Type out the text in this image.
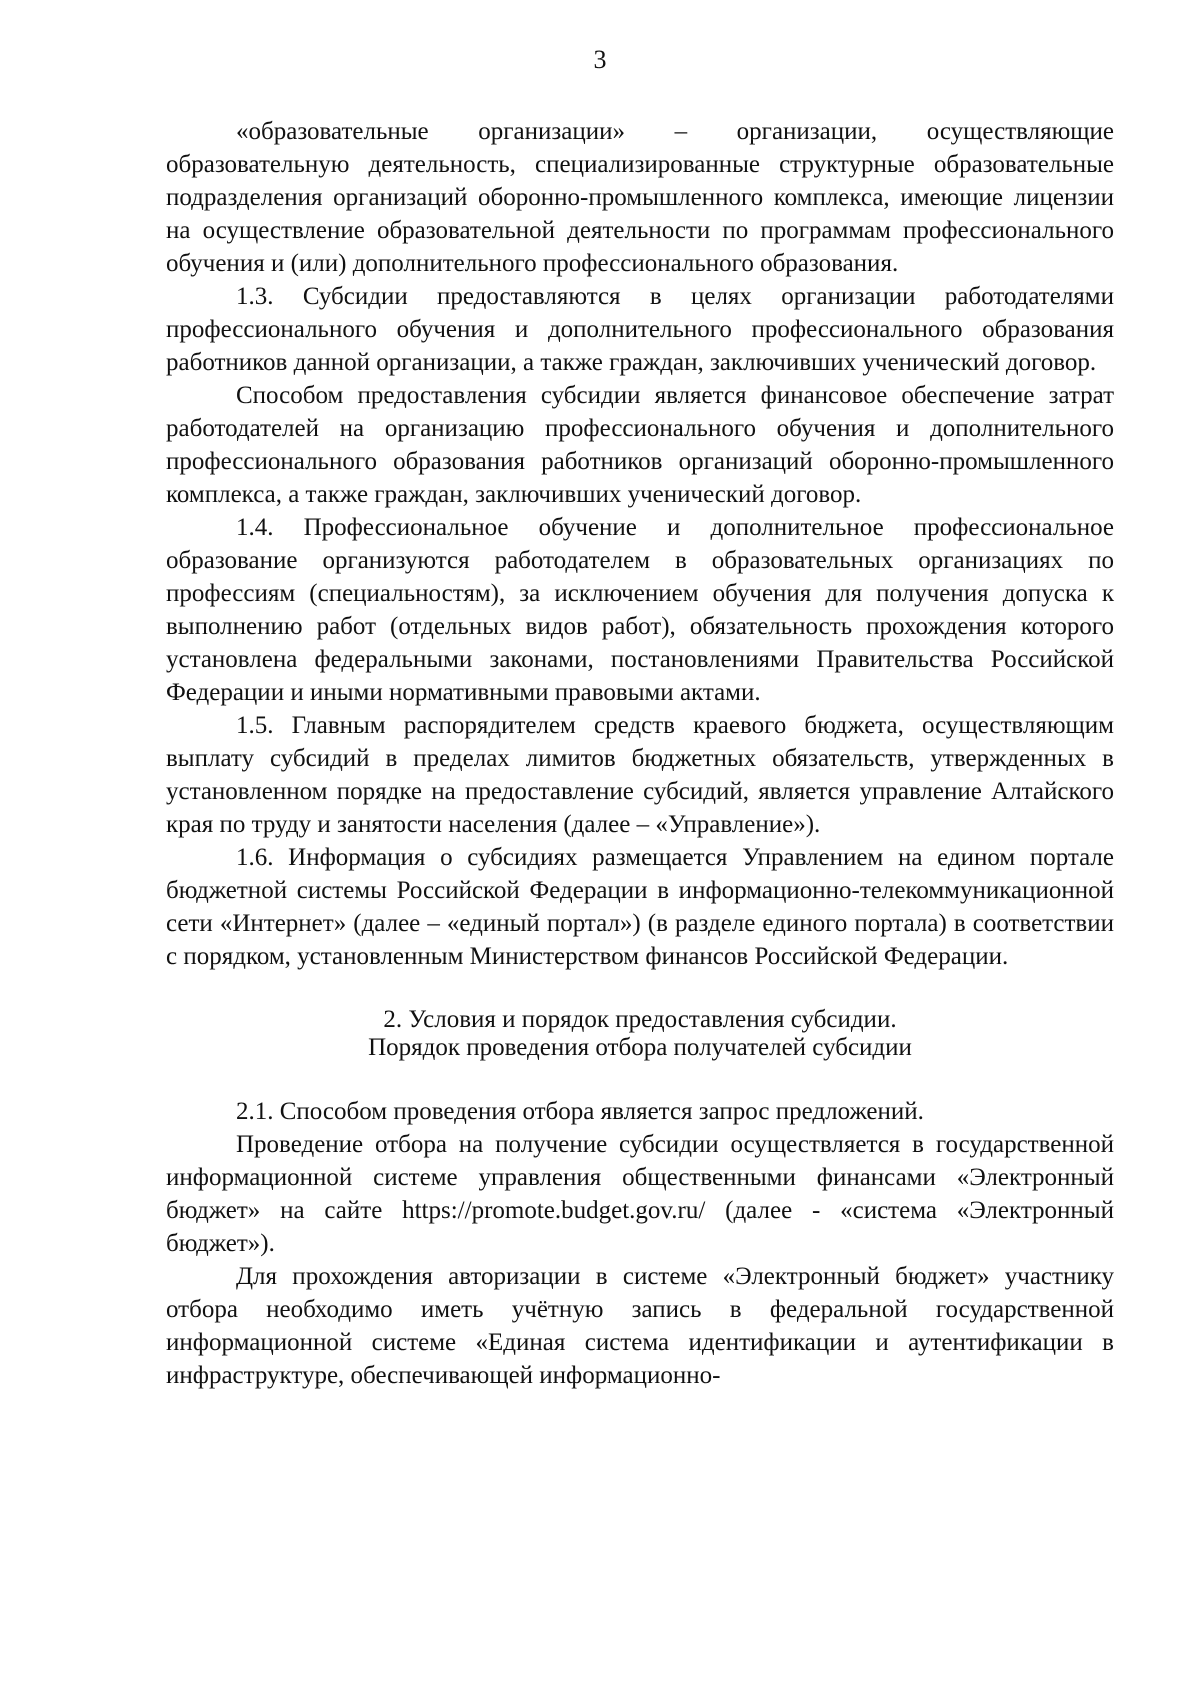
3

«образовательные организации» – организации, осуществляющие образовательную деятельность, специализированные структурные образовательные подразделения организаций оборонно-промышленного комплекса, имеющие лицензии на осуществление образовательной деятельности по программам профессионального обучения и (или) дополнительного профессионального образования.

1.3. Субсидии предоставляются в целях организации работодателями профессионального обучения и дополнительного профессионального образования работников данной организации, а также граждан, заключивших ученический договор.

Способом предоставления субсидии является финансовое обеспечение затрат работодателей на организацию профессионального обучения и дополнительного профессионального образования работников организаций оборонно-промышленного комплекса, а также граждан, заключивших ученический договор.

1.4. Профессиональное обучение и дополнительное профессиональное образование организуются работодателем в образовательных организациях по профессиям (специальностям), за исключением обучения для получения допуска к выполнению работ (отдельных видов работ), обязательность прохождения которого установлена федеральными законами, постановлениями Правительства Российской Федерации и иными нормативными правовыми актами.

1.5. Главным распорядителем средств краевого бюджета, осуществляющим выплату субсидий в пределах лимитов бюджетных обязательств, утвержденных в установленном порядке на предоставление субсидий, является управление Алтайского края по труду и занятости населения (далее – «Управление»).

1.6. Информация о субсидиях размещается Управлением на едином портале бюджетной системы Российской Федерации в информационно-телекоммуникационной сети «Интернет» (далее – «единый портал») (в разделе единого портала) в соответствии с порядком, установленным Министерством финансов Российской Федерации.

2. Условия и порядок предоставления субсидии.
Порядок проведения отбора получателей субсидии

2.1. Способом проведения отбора является запрос предложений.

Проведение отбора на получение субсидии осуществляется в государственной информационной системе управления общественными финансами «Электронный бюджет» на сайте https://promote.budget.gov.ru/ (далее - «система «Электронный бюджет»).

Для прохождения авторизации в системе «Электронный бюджет» участнику отбора необходимо иметь учётную запись в федеральной государственной информационной системе «Единая система идентификации и аутентификации в инфраструктуре, обеспечивающей информационно-
